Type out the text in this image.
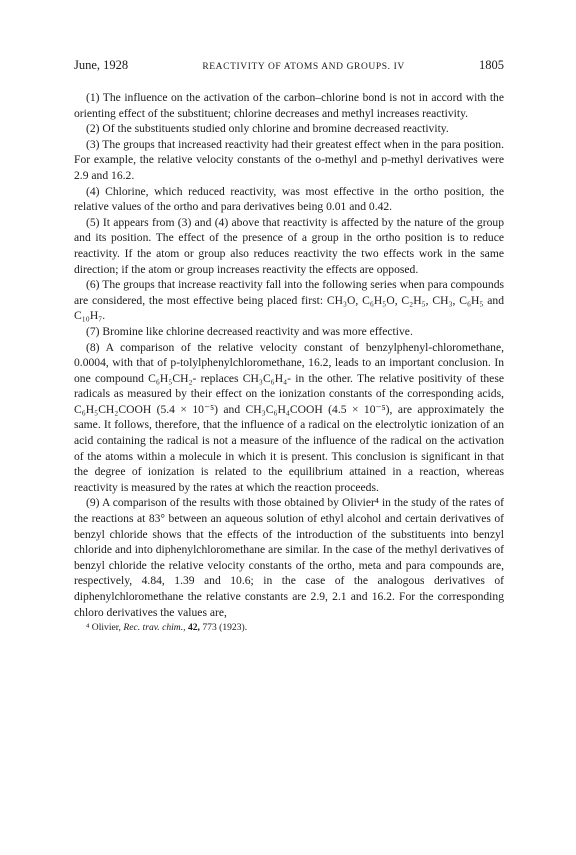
June, 1928	REACTIVITY OF ATOMS AND GROUPS. IV	1805

(1) The influence on the activation of the carbon–chlorine bond is not in accord with the orienting effect of the substituent; chlorine decreases and methyl increases reactivity.

(2) Of the substituents studied only chlorine and bromine decreased reactivity.

(3) The groups that increased reactivity had their greatest effect when in the para position. For example, the relative velocity constants of the o-methyl and p-methyl derivatives were 2.9 and 16.2.

(4) Chlorine, which reduced reactivity, was most effective in the ortho position, the relative values of the ortho and para derivatives being 0.01 and 0.42.

(5) It appears from (3) and (4) above that reactivity is affected by the nature of the group and its position. The effect of the presence of a group in the ortho position is to reduce reactivity. If the atom or group also reduces reactivity the two effects work in the same direction; if the atom or group increases reactivity the effects are opposed.

(6) The groups that increase reactivity fall into the following series when para compounds are considered, the most effective being placed first: CH₃O, C₆H₅O, C₂H₅, CH₃, C₆H₅ and C₁₀H₇.

(7) Bromine like chlorine decreased reactivity and was more effective.

(8) A comparison of the relative velocity constant of benzylphenyl-chloromethane, 0.0004, with that of p-tolylphenylchloromethane, 16.2, leads to an important conclusion. In one compound C₆H₅CH₂- replaces CH₃C₆H₄- in the other. The relative positivity of these radicals as measured by their effect on the ionization constants of the corresponding acids, C₆H₅CH₂COOH (5.4 × 10⁻⁵) and CH₃C₆H₄COOH (4.5 × 10⁻⁵), are approximately the same. It follows, therefore, that the influence of a radical on the electrolytic ionization of an acid containing the radical is not a measure of the influence of the radical on the activation of the atoms within a molecule in which it is present. This conclusion is significant in that the degree of ionization is related to the equilibrium attained in a reaction, whereas reactivity is measured by the rates at which the reaction proceeds.

(9) A comparison of the results with those obtained by Olivier⁴ in the study of the rates of the reactions at 83° between an aqueous solution of ethyl alcohol and certain derivatives of benzyl chloride shows that the effects of the introduction of the substituents into benzyl chloride and into diphenylchloromethane are similar. In the case of the methyl derivatives of benzyl chloride the relative velocity constants of the ortho, meta and para compounds are, respectively, 4.84, 1.39 and 10.6; in the case of the analogous derivatives of diphenylchloromethane the relative constants are 2.9, 2.1 and 16.2. For the corresponding chloro derivatives the values are,

⁴ Olivier, Rec. trav. chim., 42, 773 (1923).
